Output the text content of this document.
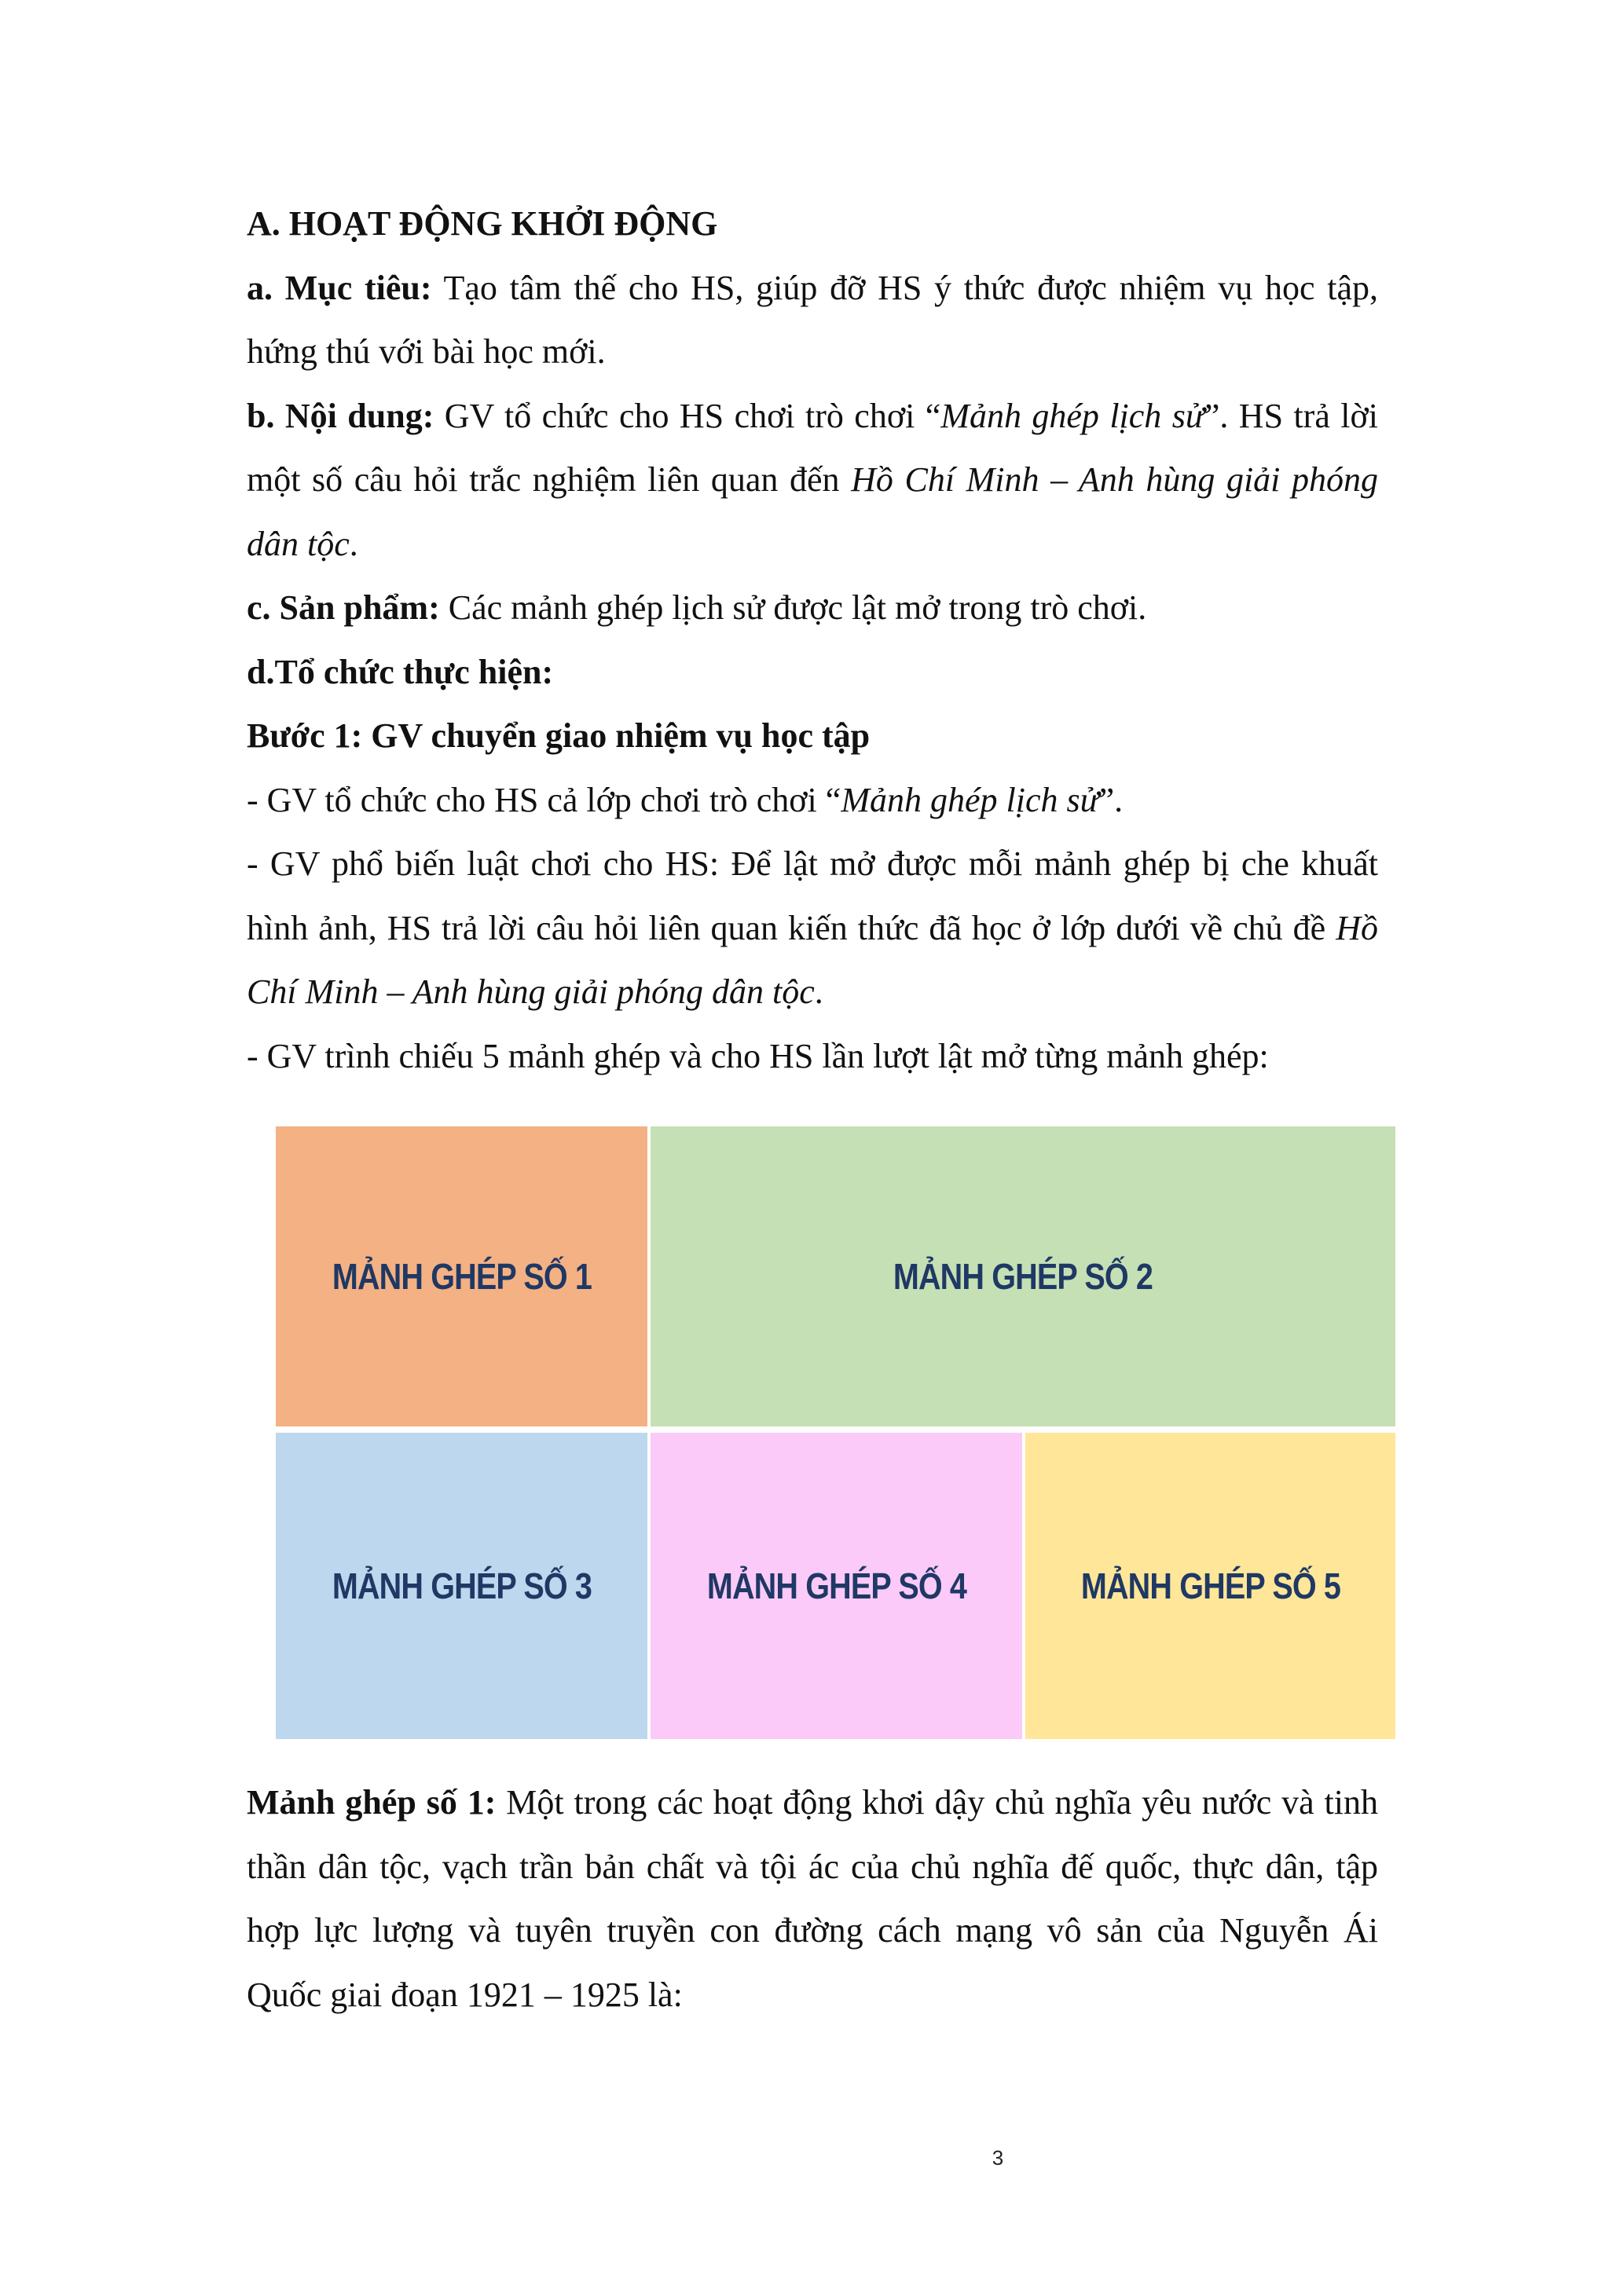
A. HOẠT ĐỘNG KHỞI ĐỘNG

a. Mục tiêu: Tạo tâm thế cho HS, giúp đỡ HS ý thức được nhiệm vụ học tập, hứng thú với bài học mới.

b. Nội dung: GV tổ chức cho HS chơi trò chơi “Mảnh ghép lịch sử”. HS trả lời một số câu hỏi trắc nghiệm liên quan đến Hồ Chí Minh – Anh hùng giải phóng dân tộc.

c. Sản phẩm: Các mảnh ghép lịch sử được lật mở trong trò chơi.

d.Tổ chức thực hiện:

Bước 1: GV chuyển giao nhiệm vụ học tập

- GV tổ chức cho HS cả lớp chơi trò chơi “Mảnh ghép lịch sử”.

- GV phổ biến luật chơi cho HS: Để lật mở được mỗi mảnh ghép bị che khuất hình ảnh, HS trả lời câu hỏi liên quan kiến thức đã học ở lớp dưới về chủ đề Hồ Chí Minh – Anh hùng giải phóng dân tộc.

- GV trình chiếu 5 mảnh ghép và cho HS lần lượt lật mở từng mảnh ghép:

MẢNH GHÉP SỐ 1	MẢNH GHÉP SỐ 2
MẢNH GHÉP SỐ 3	MẢNH GHÉP SỐ 4	MẢNH GHÉP SỐ 5

Mảnh ghép số 1: Một trong các hoạt động khơi dậy chủ nghĩa yêu nước và tinh thần dân tộc, vạch trần bản chất và tội ác của chủ nghĩa đế quốc, thực dân, tập hợp lực lượng và tuyên truyền con đường cách mạng vô sản của Nguyễn Ái Quốc giai đoạn 1921 – 1925 là:

3
